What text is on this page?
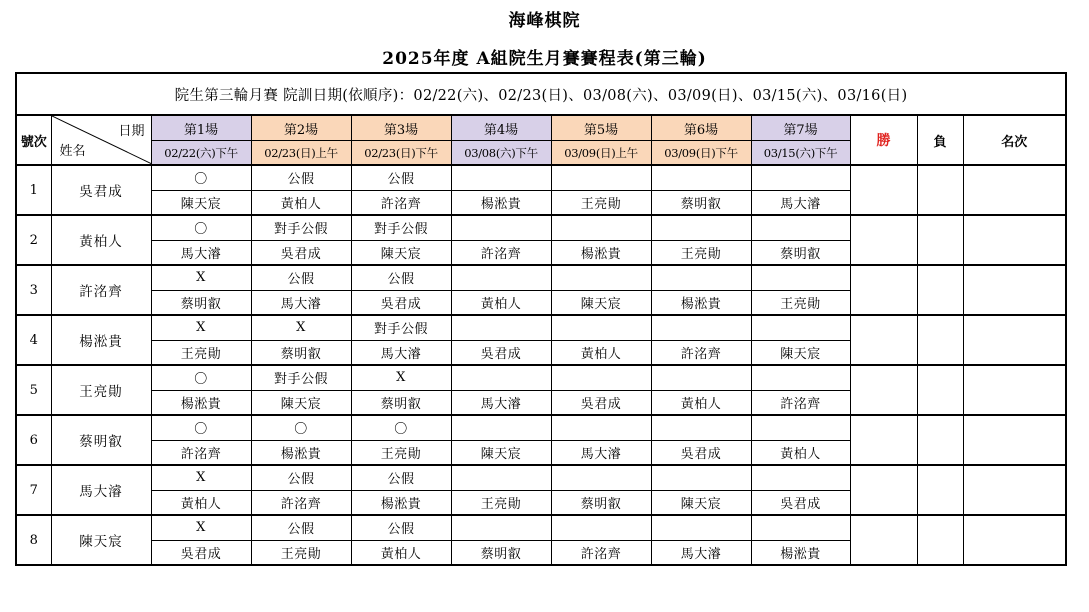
海峰棋院
2025年度 A組院生月賽賽程表(第三輪)
院生第三輪月賽 院訓日期(依順序)：02/22(六)、02/23(日)、03/08(六)、03/09(日)、03/15(六)、03/16(日)											
號次	日期
姓名	第1場	第2場	第3場	第4場	第5場	第6場	第7場	勝	負	名次
		02/22(六)下午	02/23(日)上午	02/23(日)下午	03/08(六)下午	03/09(日)上午	03/09(日)下午	03/15(六)下午			
1	吳君成	〇	公假	公假							
		陳天宸	黃柏人	許洺齊	楊淞貴	王亮勛	蔡明叡	馬大濬			
2	黃柏人	〇	對手公假	對手公假							
		馬大濬	吳君成	陳天宸	許洺齊	楊淞貴	王亮勛	蔡明叡			
3	許洺齊	X	公假	公假							
		蔡明叡	馬大濬	吳君成	黃柏人	陳天宸	楊淞貴	王亮勛			
4	楊淞貴	X	X	對手公假							
		王亮勛	蔡明叡	馬大濬	吳君成	黃柏人	許洺齊	陳天宸			
5	王亮勛	〇	對手公假	X							
		楊淞貴	陳天宸	蔡明叡	馬大濬	吳君成	黃柏人	許洺齊			
6	蔡明叡	〇	〇	〇							
		許洺齊	楊淞貴	王亮勛	陳天宸	馬大濬	吳君成	黃柏人			
7	馬大濬	X	公假	公假							
		黃柏人	許洺齊	楊淞貴	王亮勛	蔡明叡	陳天宸	吳君成			
8	陳天宸	X	公假	公假							
		吳君成	王亮勛	黃柏人	蔡明叡	許洺齊	馬大濬	楊淞貴			
